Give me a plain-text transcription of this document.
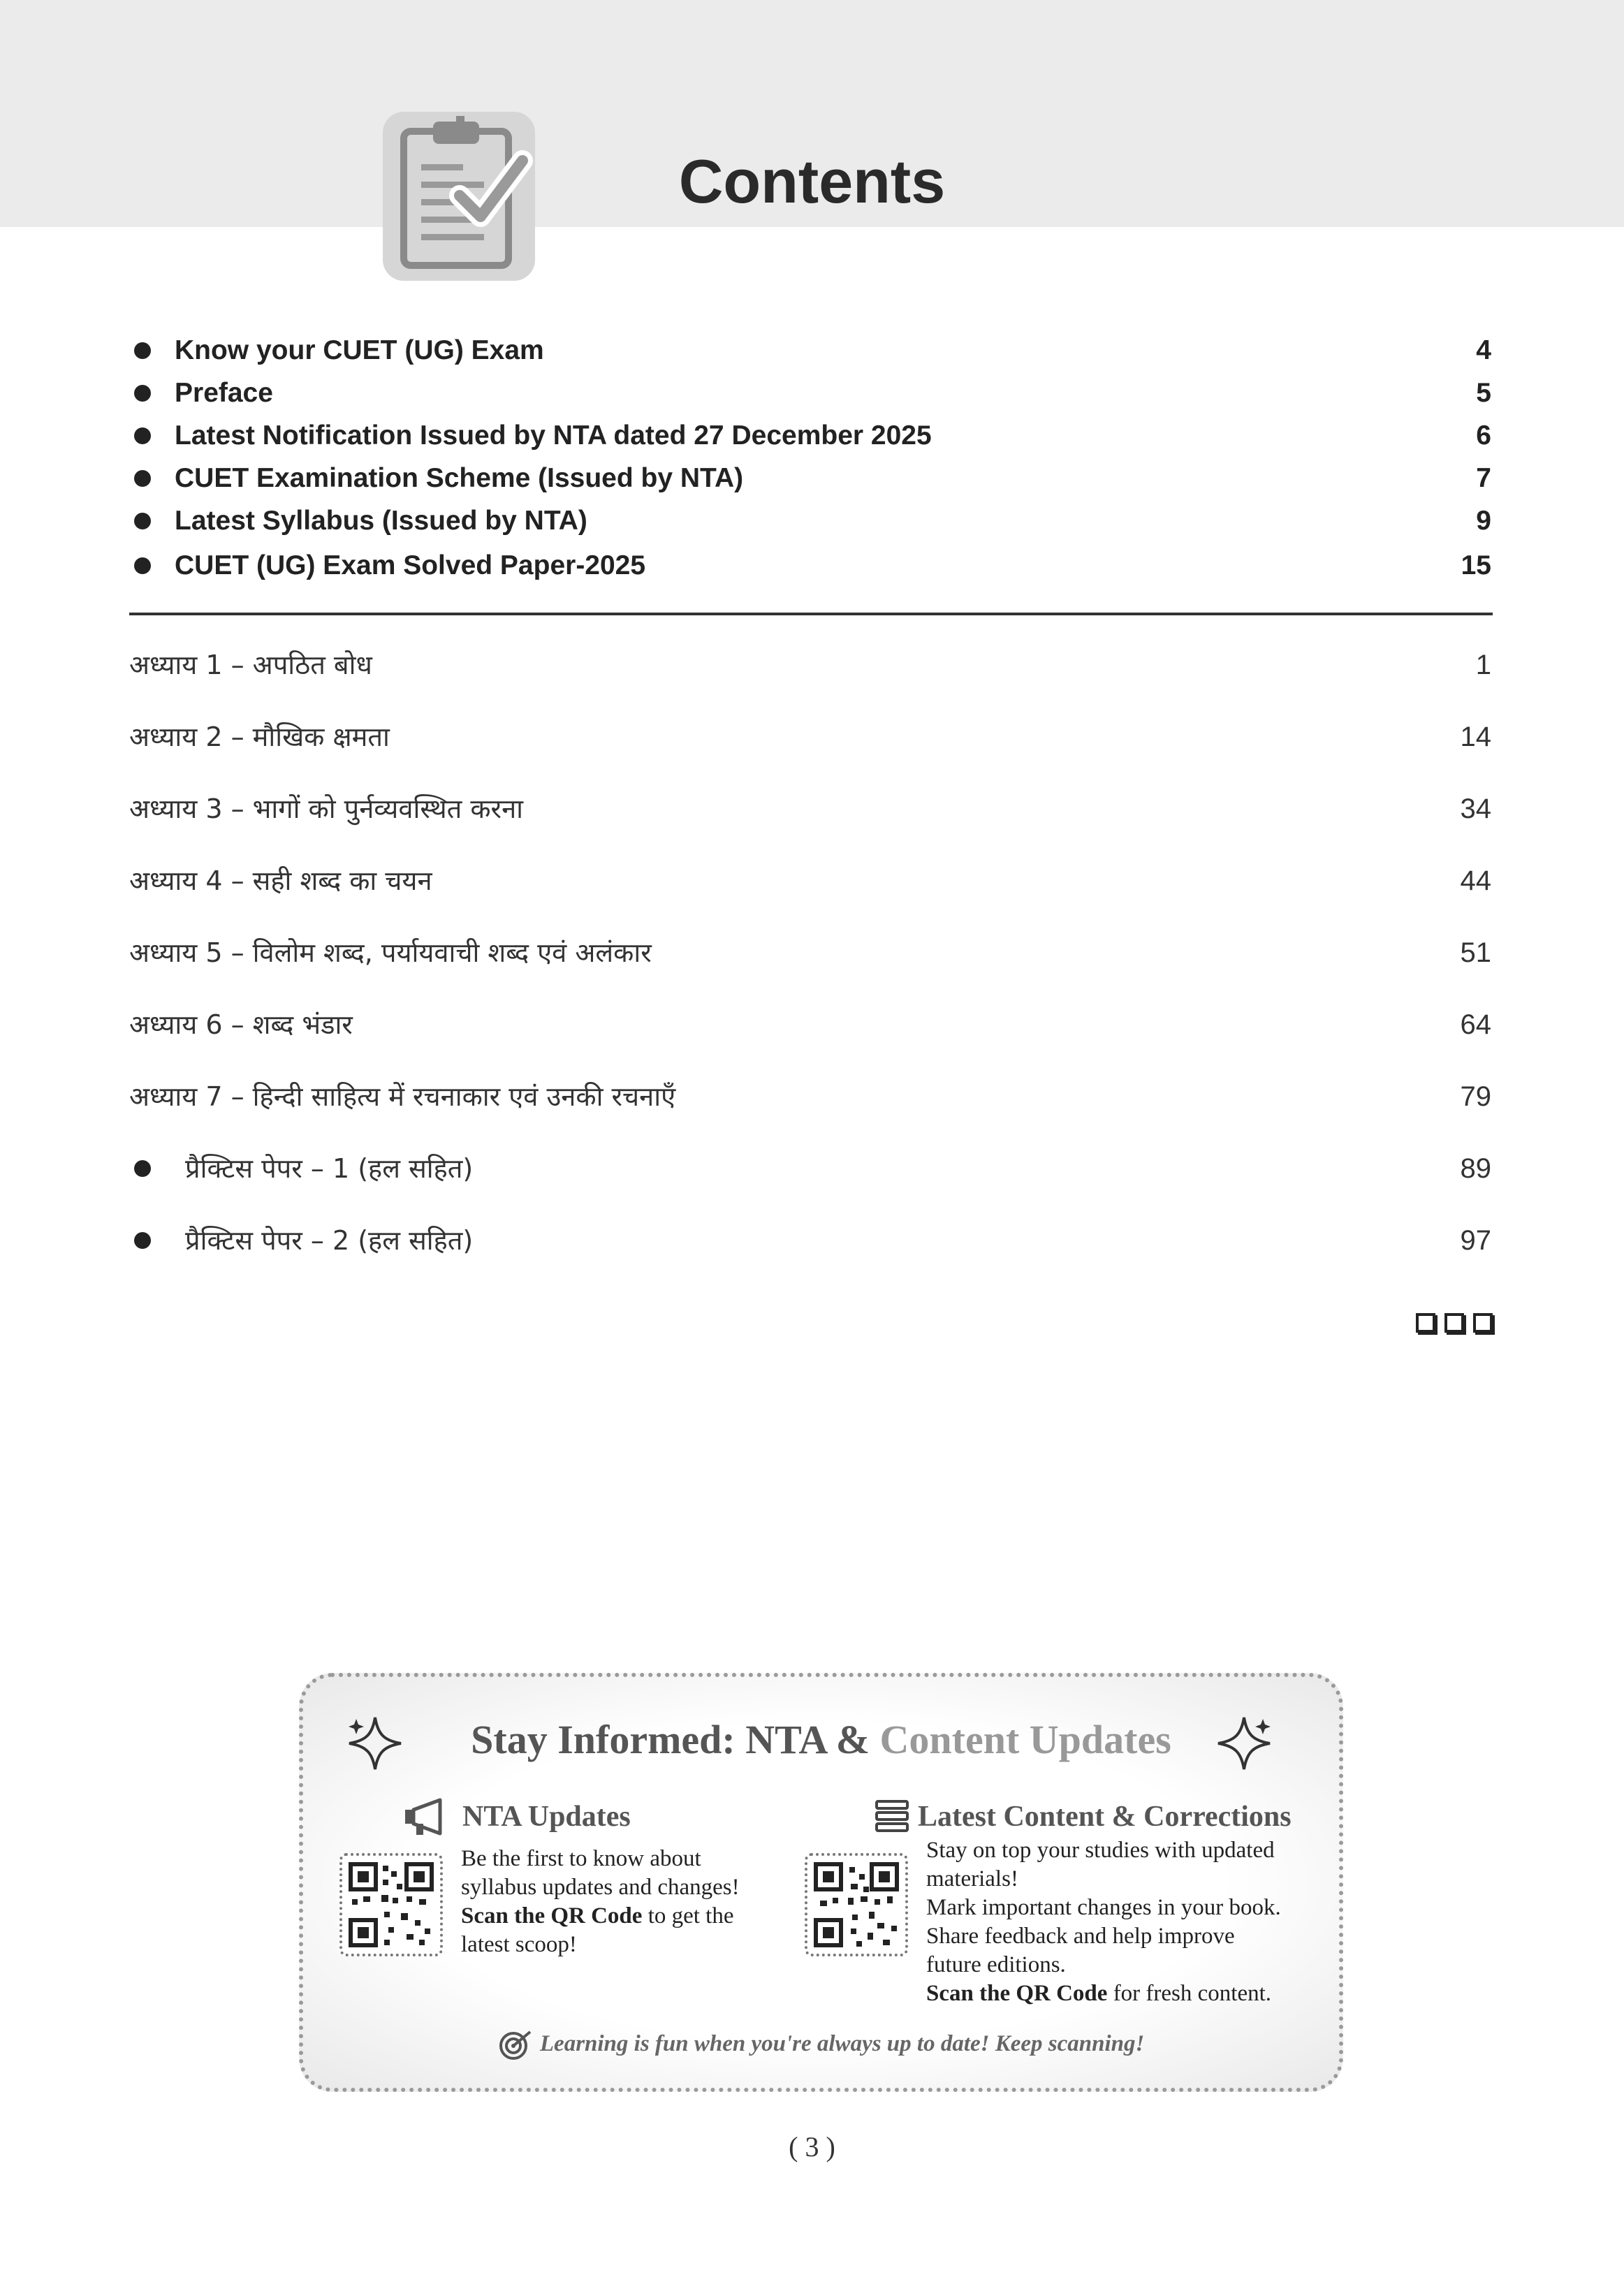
Contents
Know your CUET (UG) Exam	4
Preface	5
Latest Notification Issued by NTA dated 27 December 2025	6
CUET Examination Scheme (Issued by NTA)	7
Latest Syllabus (Issued by NTA)	9
CUET (UG) Exam Solved Paper-2025	15
अध्याय 1 – अपठित बोध	1
अध्याय 2 – मौखिक क्षमता	14
अध्याय 3 – भागों को पुर्नव्यवस्थित करना	34
अध्याय 4 – सही शब्द का चयन	44
अध्याय 5 – विलोम शब्द, पर्यायवाची शब्द एवं अलंकार	51
अध्याय 6 – शब्द भंडार	64
अध्याय 7 – हिन्दी साहित्य में रचनाकार एवं उनकी रचनाएँ	79
प्रैक्टिस पेपर – 1 (हल सहित)	89
प्रैक्टिस पेपर – 2 (हल सहित)	97
Stay Informed: NTA & Content Updates
NTA Updates
Be the first to know about
syllabus updates and changes!
Scan the QR Code to get the
latest scoop!
Latest Content & Corrections
Stay on top your studies with updated
materials!
Mark important changes in your book.
Share feedback and help improve
future editions.
Scan the QR Code for fresh content.
Learning is fun when you're always up to date! Keep scanning!
( 3 )
